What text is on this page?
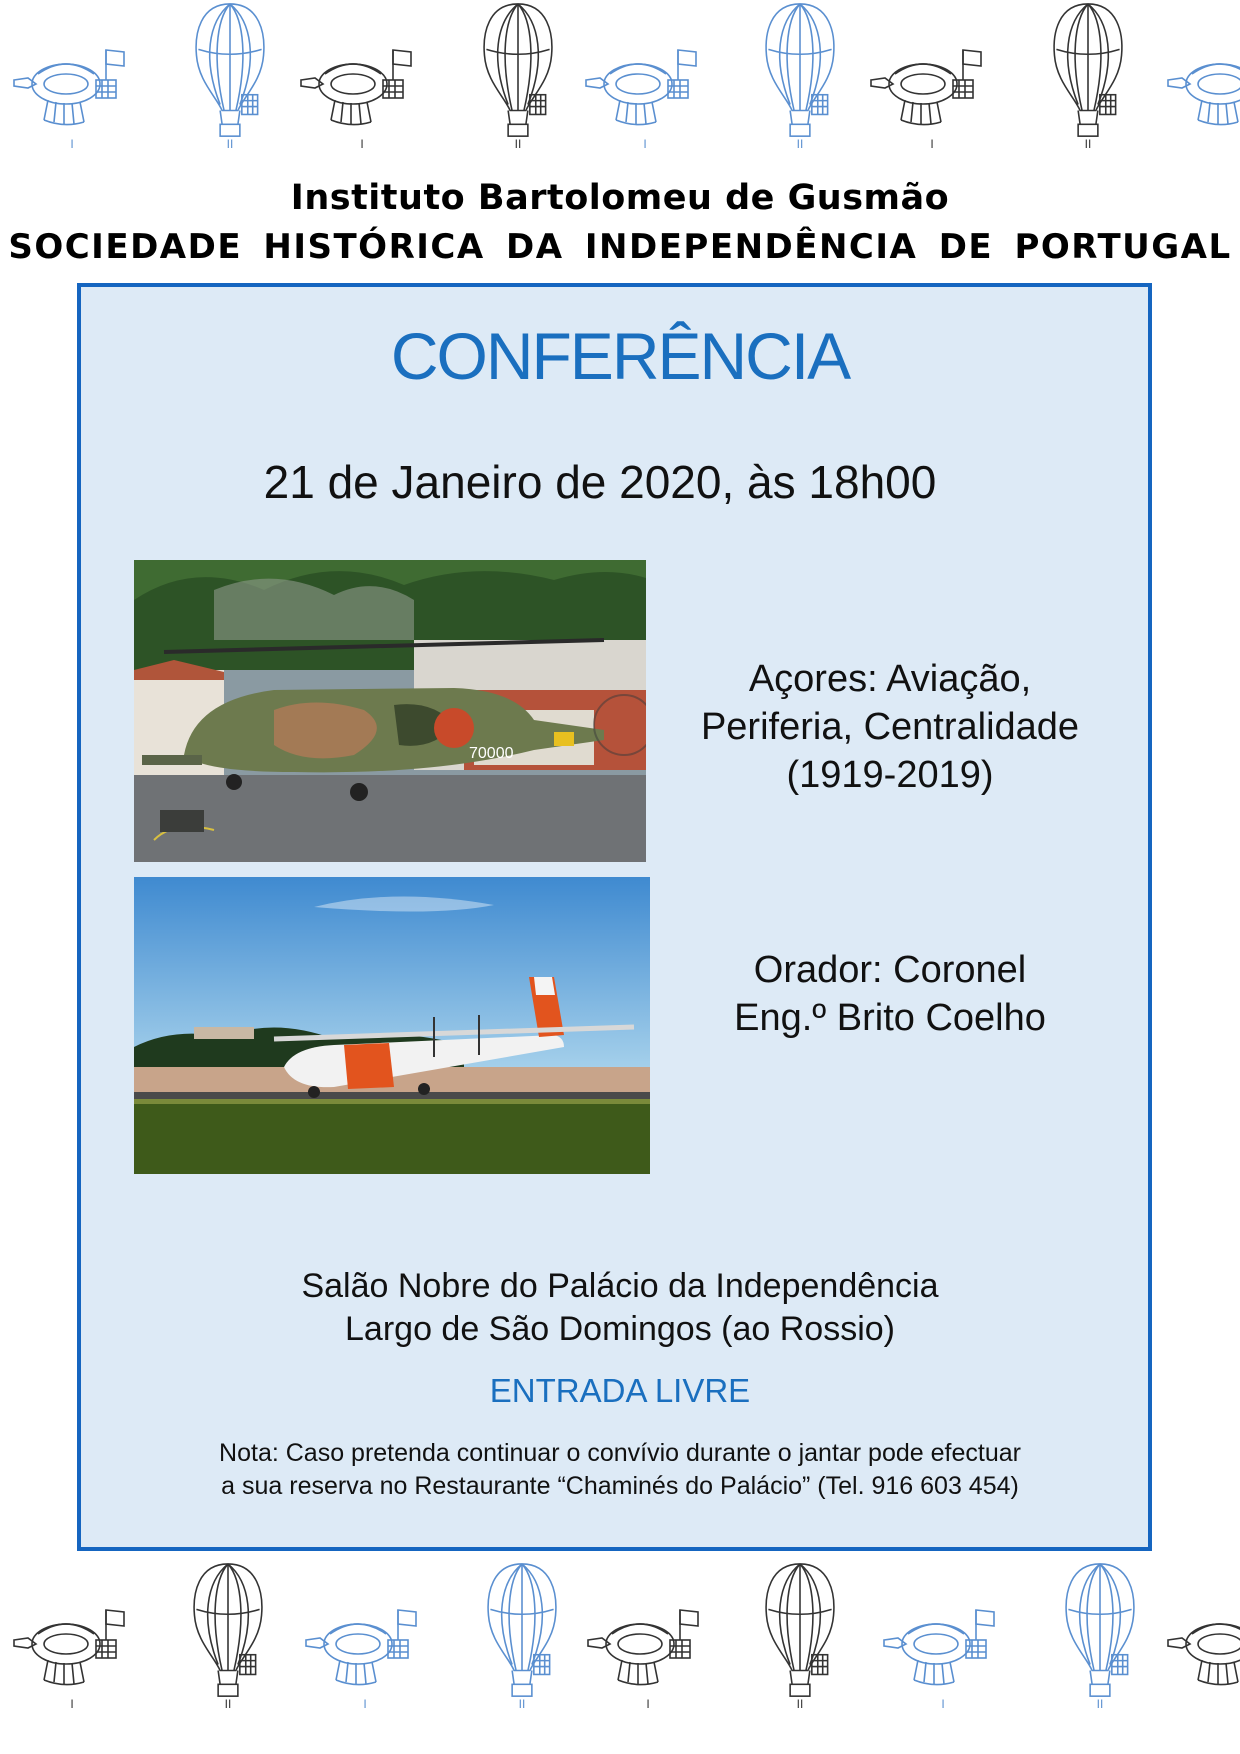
I	II	I	II	I	II	I	II
Instituto Bartolomeu de Gusmão
SOCIEDADE HISTÓRICA DA INDEPENDÊNCIA DE PORTUGAL
CONFERÊNCIA
21 de Janeiro de 2020, às 18h00
70000
Açores: Aviação,
Periferia, Centralidade
(1919-2019)
Orador: Coronel
Eng.º Brito Coelho
Salão Nobre do Palácio da Independência
Largo de São Domingos (ao Rossio)
ENTRADA LIVRE
Nota: Caso pretenda continuar o convívio durante o jantar pode efectuar
a sua reserva no Restaurante “Chaminés do Palácio” (Tel. 916 603 454)
I	II	I	II	I	II	I	II
